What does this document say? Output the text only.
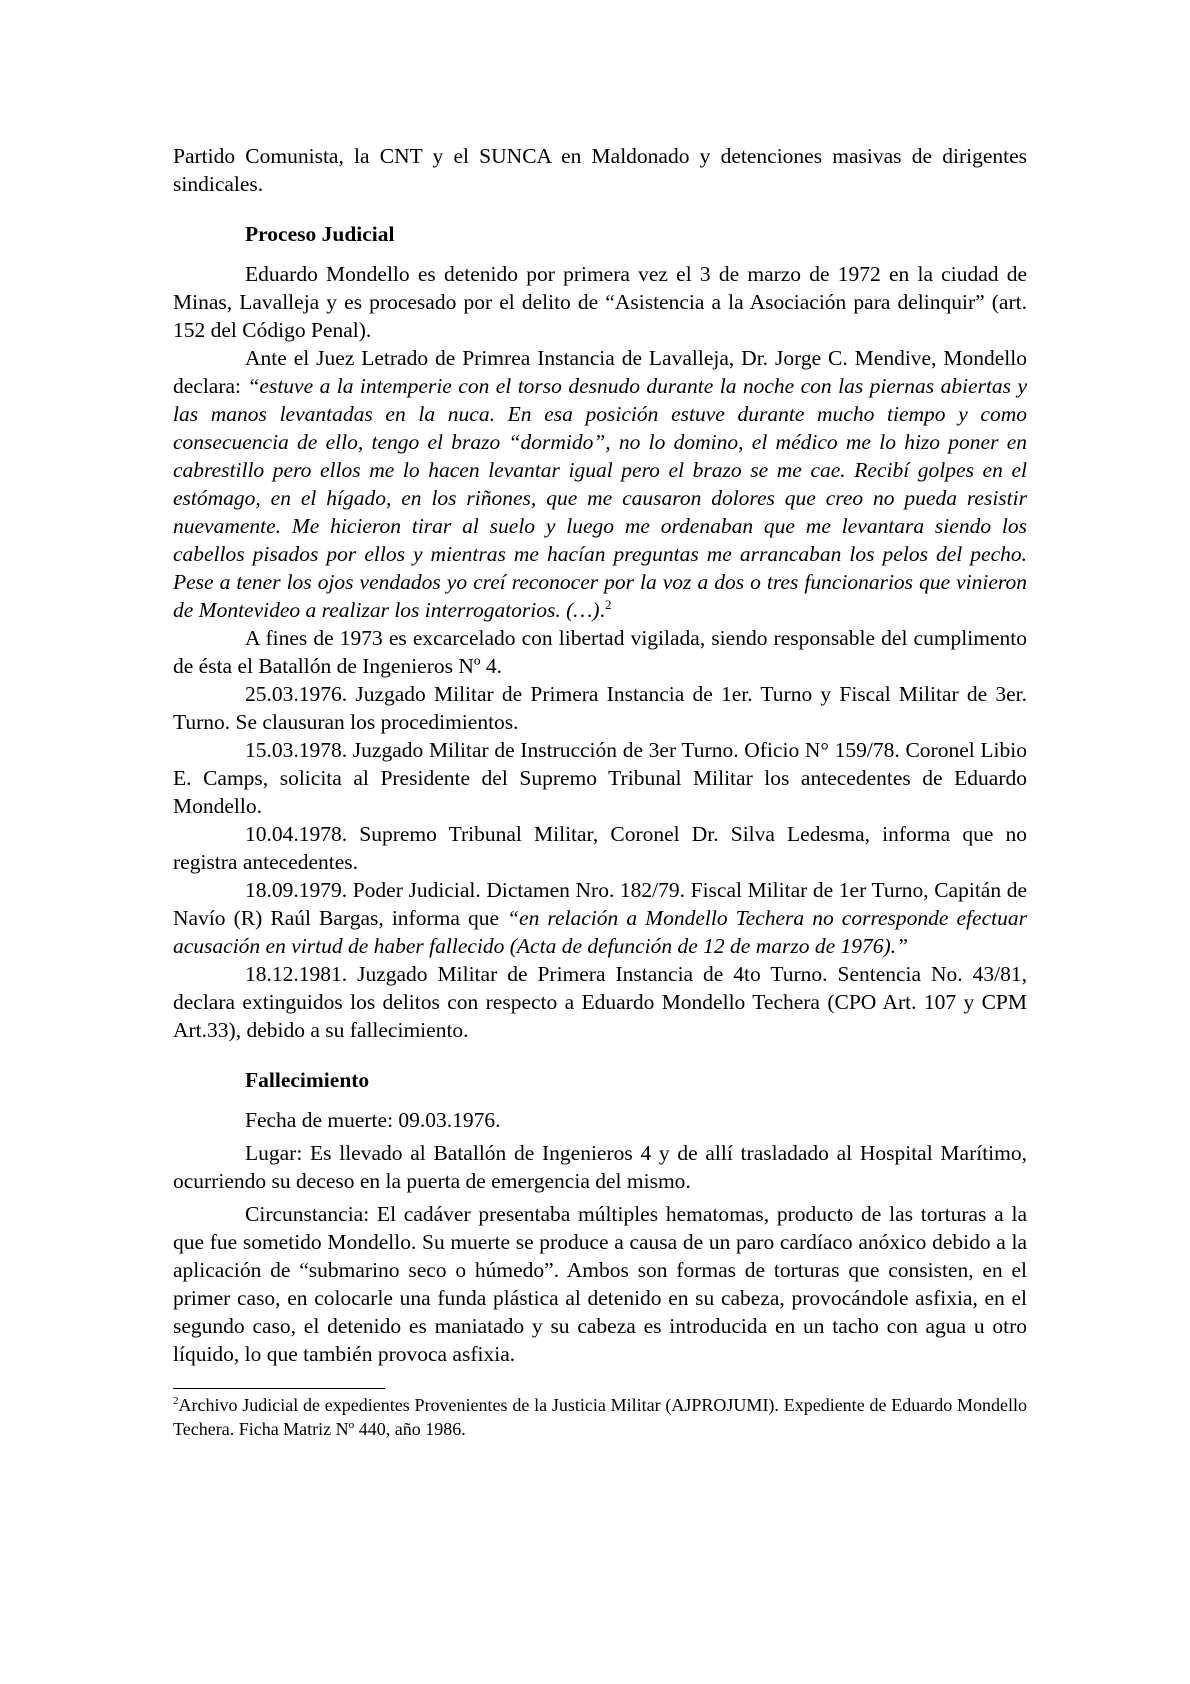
Partido Comunista, la CNT y el SUNCA en Maldonado y detenciones masivas de dirigentes sindicales.

Proceso Judicial

Eduardo Mondello es detenido por primera vez el 3 de marzo de 1972 en la ciudad de Minas, Lavalleja y es procesado por el delito de “Asistencia a la Asociación para delinquir” (art. 152 del Código Penal).

Ante el Juez Letrado de Primrea Instancia de Lavalleja, Dr. Jorge C. Mendive, Mondello declara: “estuve a la intemperie con el torso desnudo durante la noche con las piernas abiertas y las manos levantadas en la nuca. En esa posición estuve durante mucho tiempo y como consecuencia de ello, tengo el brazo “dormido”, no lo domino, el médico me lo hizo poner en cabrestillo pero ellos me lo hacen levantar igual pero el brazo se me cae. Recibí golpes en el estómago, en el hígado, en los riñones, que me causaron dolores que creo no pueda resistir nuevamente. Me hicieron tirar al suelo y luego me ordenaban que me levantara siendo los cabellos pisados por ellos y mientras me hacían preguntas me arrancaban los pelos del pecho. Pese a tener los ojos vendados yo creí reconocer por la voz a dos o tres funcionarios que vinieron de Montevideo a realizar los interrogatorios. (…).$^2$

A fines de 1973 es excarcelado con libertad vigilada, siendo responsable del cumplimento de ésta el Batallón de Ingenieros Nº 4.

25.03.1976. Juzgado Militar de Primera Instancia de 1er. Turno y Fiscal Militar de 3er. Turno. Se clausuran los procedimientos.

15.03.1978. Juzgado Militar de Instrucción de 3er Turno. Oficio N° 159/78. Coronel Libio E. Camps, solicita al Presidente del Supremo Tribunal Militar los antecedentes de Eduardo Mondello.

10.04.1978. Supremo Tribunal Militar, Coronel Dr. Silva Ledesma, informa que no registra antecedentes.

18.09.1979. Poder Judicial. Dictamen Nro. 182/79. Fiscal Militar de 1er Turno, Capitán de Navío (R) Raúl Bargas, informa que “en relación a Mondello Techera no corresponde efectuar acusación en virtud de haber fallecido (Acta de defunción de 12 de marzo de 1976).”

18.12.1981. Juzgado Militar de Primera Instancia de 4to Turno. Sentencia No. 43/81, declara extinguidos los delitos con respecto a Eduardo Mondello Techera (CPO Art. 107 y CPM Art.33), debido a su fallecimiento.

Fallecimiento

Fecha de muerte: 09.03.1976.

Lugar: Es llevado al Batallón de Ingenieros 4 y de allí trasladado al Hospital Marítimo, ocurriendo su deceso en la puerta de emergencia del mismo.

Circunstancia: El cadáver presentaba múltiples hematomas, producto de las torturas a la que fue sometido Mondello. Su muerte se produce a causa de un paro cardíaco anóxico debido a la aplicación de “submarino seco o húmedo”. Ambos son formas de torturas que consisten, en el primer caso, en colocarle una funda plástica al detenido en su cabeza, provocándole asfixia, en el segundo caso, el detenido es maniatado y su cabeza es introducida en un tacho con agua u otro líquido, lo que también provoca asfixia.

$^2$Archivo Judicial de expedientes Provenientes de la Justicia Militar (AJPROJUMI). Expediente de Eduardo Mondello Techera. Ficha Matriz Nº 440, año 1986.
